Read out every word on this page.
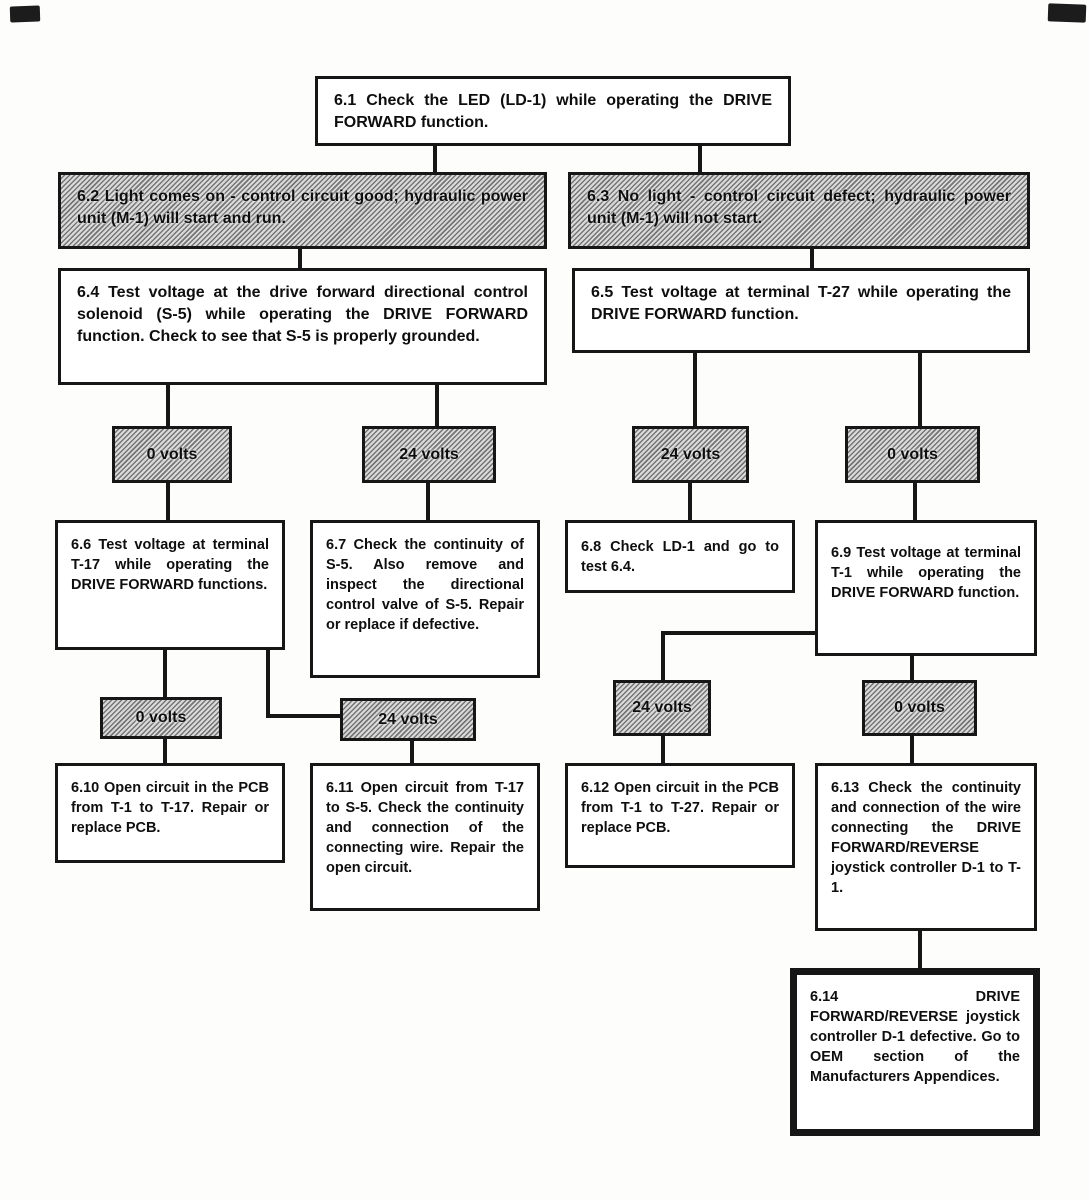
6.1 Check the LED (LD-1) while operating the DRIVE FORWARD function.
6.2 Light comes on - control circuit good; hydraulic power unit (M-1) will start and run.
6.3 No light - control circuit defect; hydraulic power unit (M-1) will not start.
6.4 Test voltage at the drive forward directional control solenoid (S-5) while operating the DRIVE FORWARD function. Check to see that S-5 is properly grounded.
6.5 Test voltage at terminal T-27 while operating the DRIVE FORWARD function.
0 volts	24 volts	24 volts	0 volts
6.6 Test voltage at terminal T-17 while operating the DRIVE FORWARD functions.
6.7 Check the continuity of S-5. Also remove and inspect the directional control valve of S-5. Repair or replace if defective.
6.8 Check LD-1 and go to test 6.4.
6.9 Test voltage at terminal T-1 while operating the DRIVE FORWARD function.
0 volts	24 volts
24 volts	0 volts
6.10 Open circuit in the PCB from T-1 to T-17. Repair or replace PCB.
6.11 Open circuit from T-17 to S-5. Check the continuity and connection of the connecting wire. Repair the open circuit.
6.12 Open circuit in the PCB from T-1 to T-27. Repair or replace PCB.
6.13 Check the continuity and connection of the wire connecting the DRIVE FORWARD/REVERSE joystick controller D-1 to T-1.
6.14 DRIVE FORWARD/REVERSE joystick controller D-1 defective. Go to OEM section of the Manufacturers Appendices.
